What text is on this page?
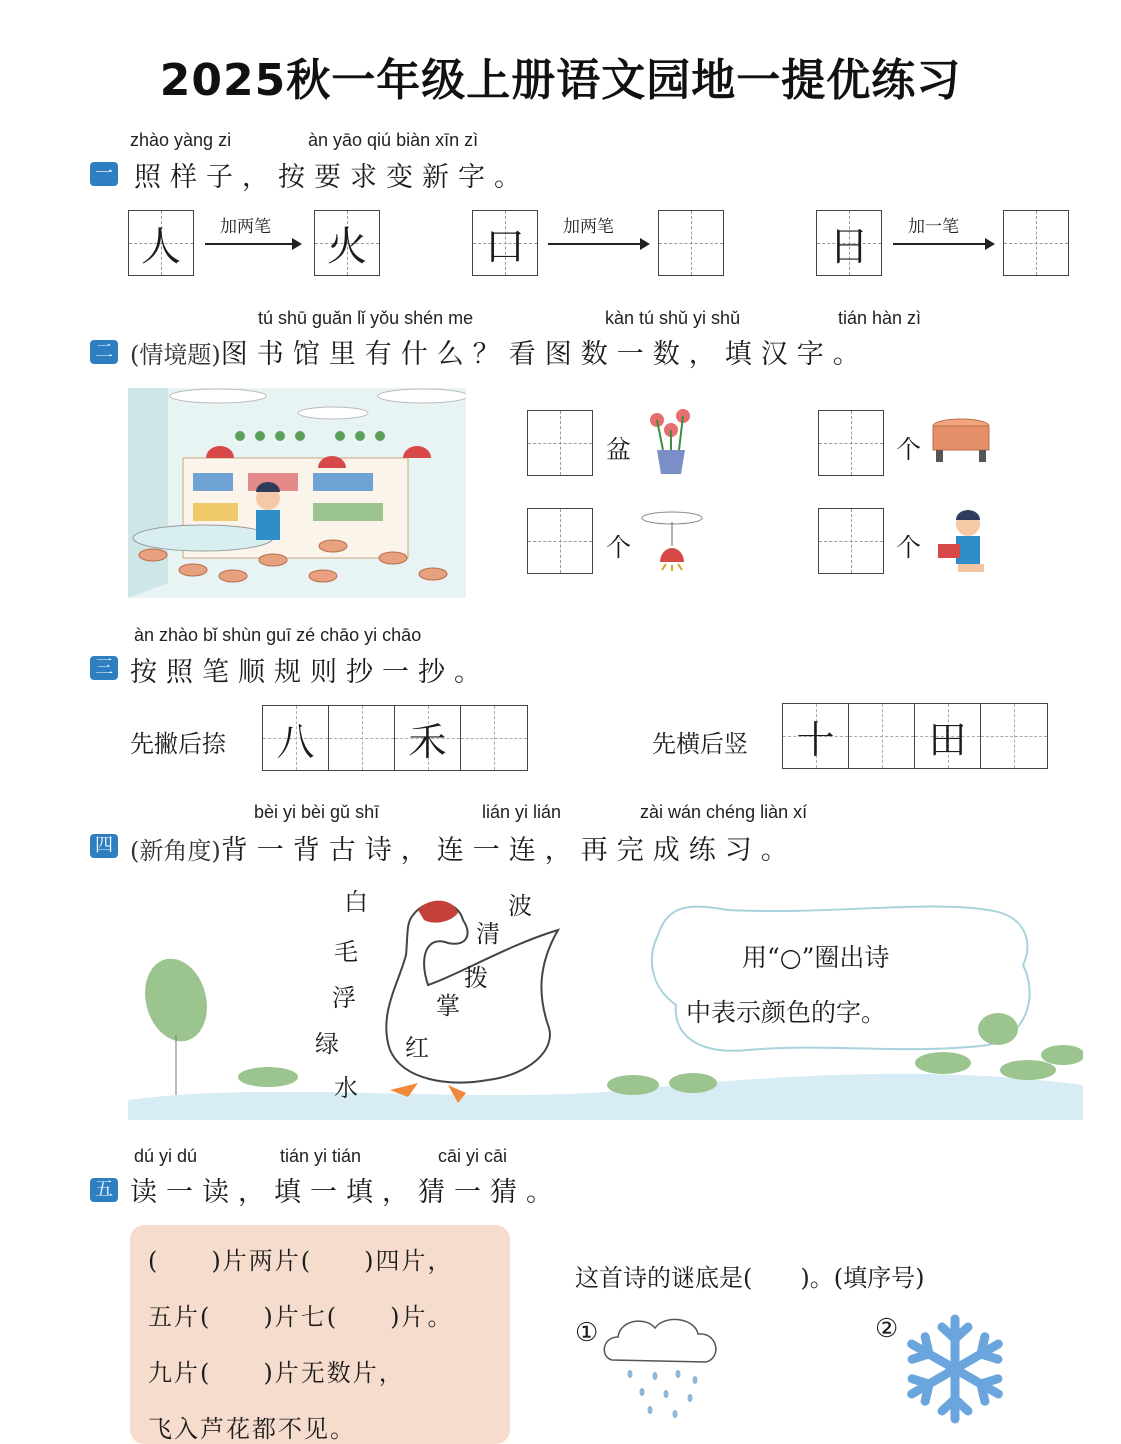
2025秋一年级上册语文园地一提优练习
zhào yàng zi	àn yāo qiú biàn xīn zì
一 照样子，按要求变新字。
人	加两笔	火	口	加两笔	日	加一笔
tú shū guǎn lǐ yǒu shén me	kàn tú shǔ yi shǔ	tián hàn zì
二 (情境题)图书馆里有什么？看图数一数，填汉字。
盆	个
个	个
àn zhào bǐ shùn guī zé chāo yi chāo
三 按照笔顺规则抄一抄。
先撇后捺	八	禾	先横后竖	十	田
bèi yi bèi gǔ shī	lián yi lián	zài wán chéng liàn xí
四 (新角度)背一背古诗，连一连，再完成练习。
白
毛
浮
绿
水
波
清
拨
掌
红
用“○”圈出诗
中表示颜色的字。
dú yi dú	tián yi tián	cāi yi cāi
五 读一读，填一填，猜一猜。
(　　)片两片(　　)四片，
五片(　　)片七(　　)片。
九片(　　)片无数片，
飞入芦花都不见。
这首诗的谜底是(　　)。(填序号)
①	②
